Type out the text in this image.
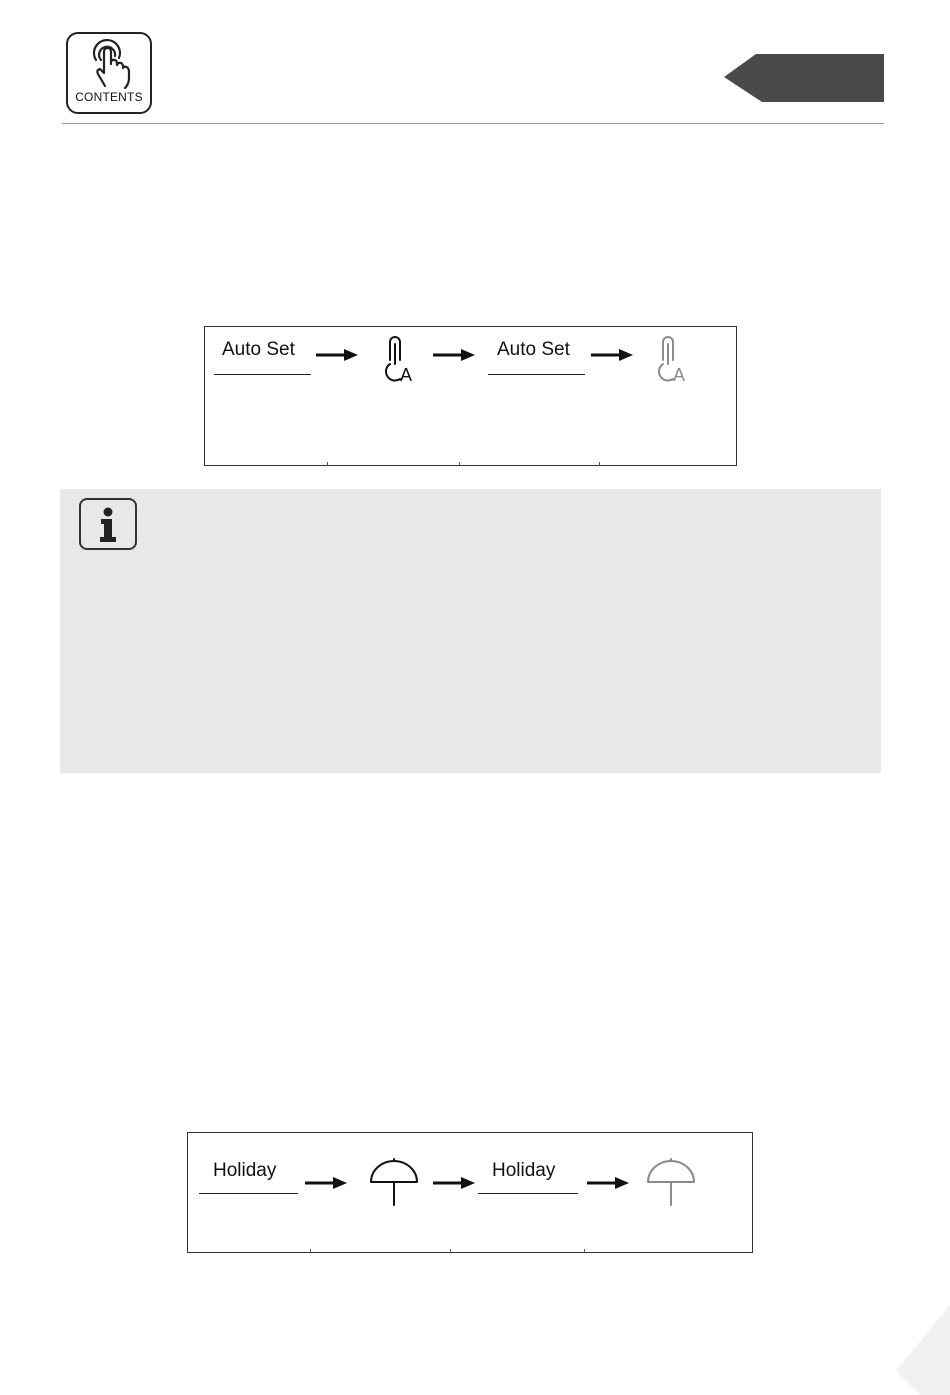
CONTENTS
Auto Set
A
Auto Set
A
Holiday	Holiday
